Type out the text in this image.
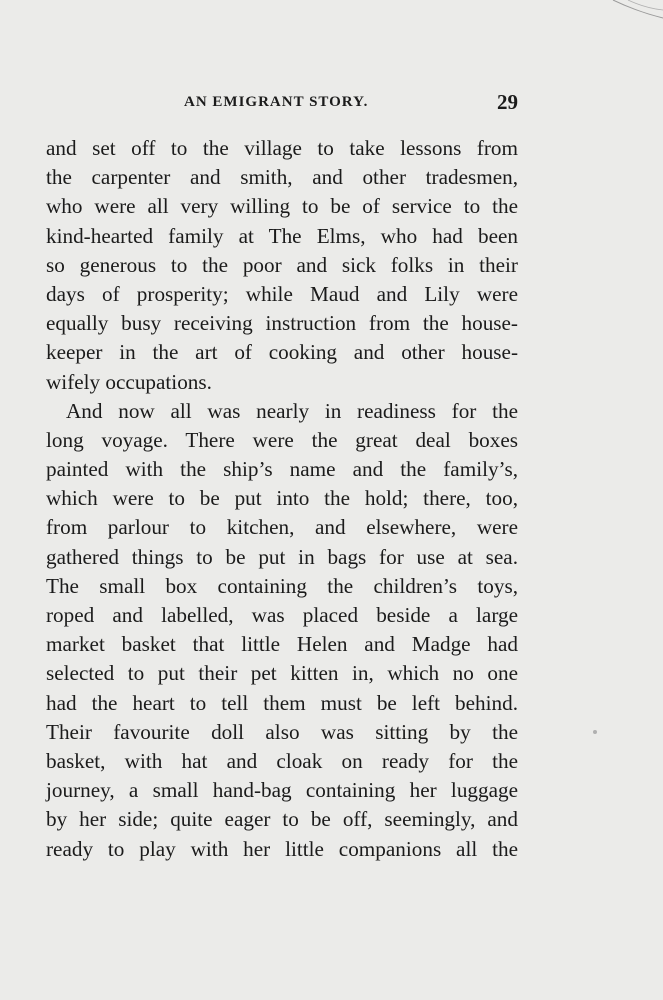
AN EMIGRANT STORY.	29
and set off to the village to take lessons from
the carpenter and smith, and other tradesmen,
who were all very willing to be of service to the
kind-hearted family at The Elms, who had been
so generous to the poor and sick folks in their
days of prosperity; while Maud and Lily were
equally busy receiving instruction from the house-
keeper in the art of cooking and other house-
wifely occupations.
And now all was nearly in readiness for the
long voyage. There were the great deal boxes
painted with the ship’s name and the family’s,
which were to be put into the hold; there, too,
from parlour to kitchen, and elsewhere, were
gathered things to be put in bags for use at sea.
The small box containing the children’s toys,
roped and labelled, was placed beside a large
market basket that little Helen and Madge had
selected to put their pet kitten in, which no one
had the heart to tell them must be left behind.
Their favourite doll also was sitting by the
basket, with hat and cloak on ready for the
journey, a small hand-bag containing her luggage
by her side; quite eager to be off, seemingly, and
ready to play with her little companions all the
